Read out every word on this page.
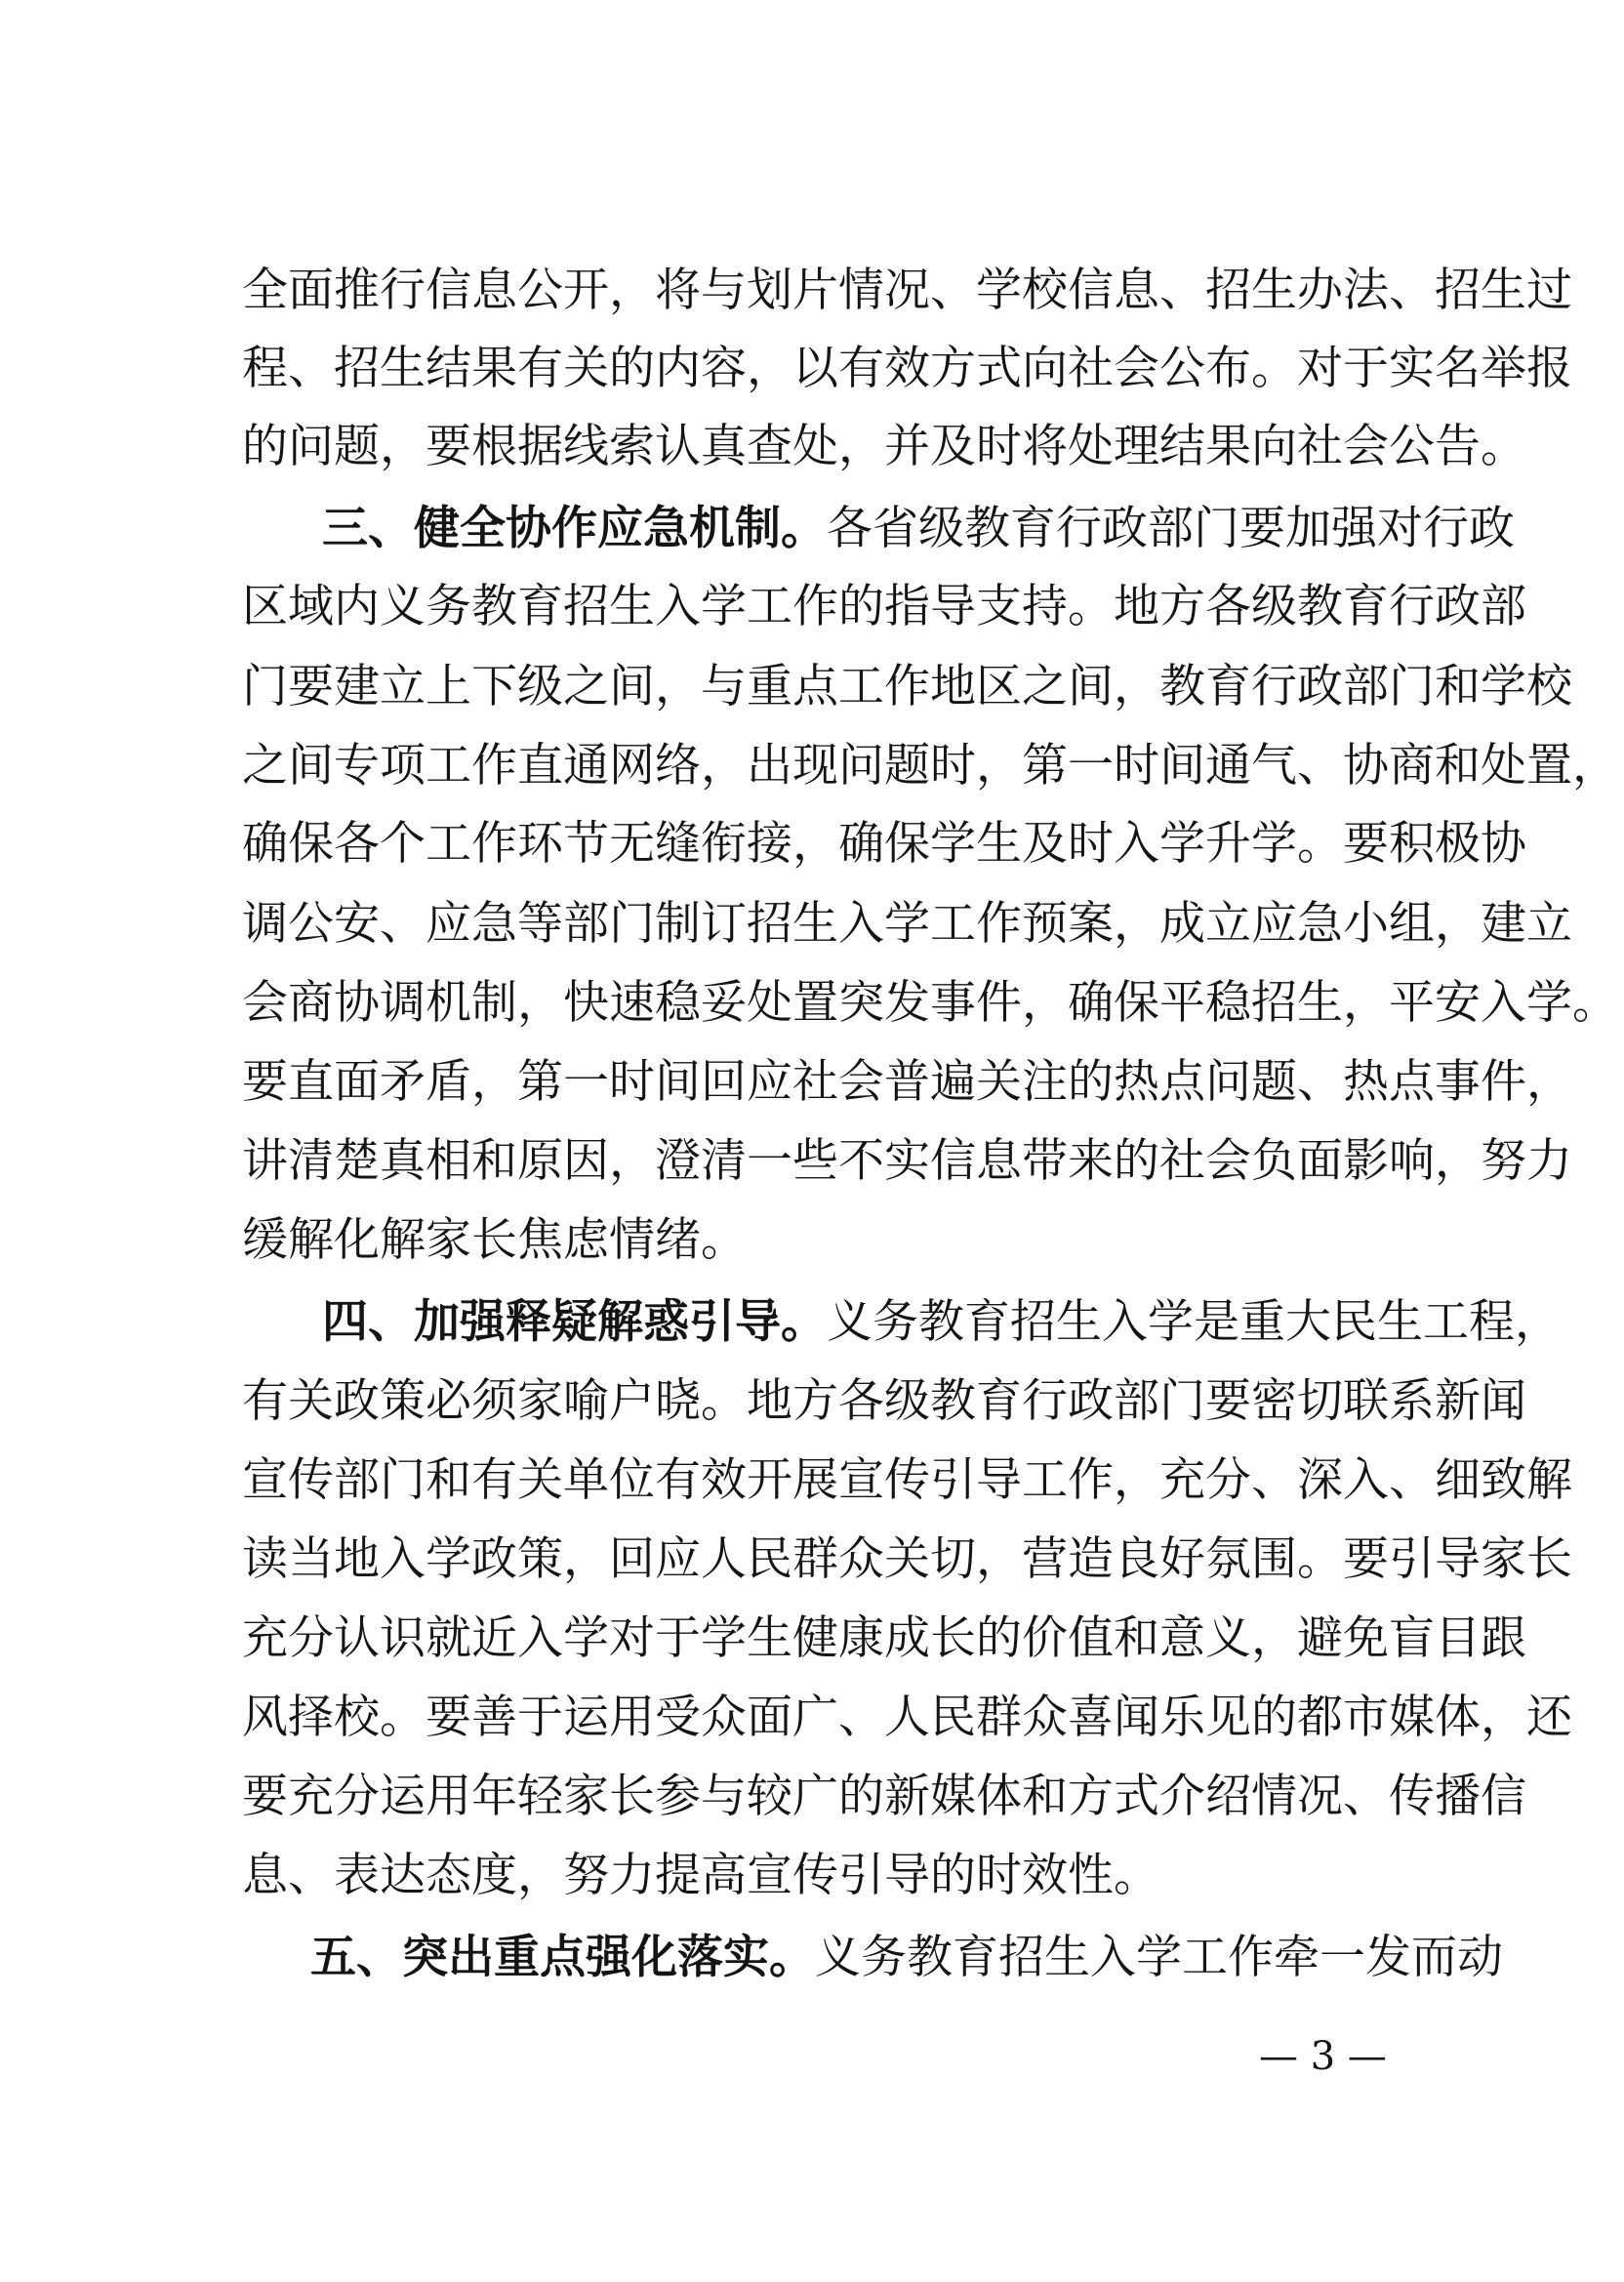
全面推行信息公开，将与划片情况、学校信息、招生办法、招生过
程、招生结果有关的内容，以有效方式向社会公布。对于实名举报
的问题，要根据线索认真查处，并及时将处理结果向社会公告。
三、健全协作应急机制。各省级教育行政部门要加强对行政
区域内义务教育招生入学工作的指导支持。地方各级教育行政部
门要建立上下级之间，与重点工作地区之间，教育行政部门和学校
之间专项工作直通网络，出现问题时，第一时间通气、协商和处置，
确保各个工作环节无缝衔接，确保学生及时入学升学。要积极协
调公安、应急等部门制订招生入学工作预案，成立应急小组，建立
会商协调机制，快速稳妥处置突发事件，确保平稳招生，平安入学。
要直面矛盾，第一时间回应社会普遍关注的热点问题、热点事件，
讲清楚真相和原因，澄清一些不实信息带来的社会负面影响，努力
缓解化解家长焦虑情绪。
四、加强释疑解惑引导。义务教育招生入学是重大民生工程，
有关政策必须家喻户晓。地方各级教育行政部门要密切联系新闻
宣传部门和有关单位有效开展宣传引导工作，充分、深入、细致解
读当地入学政策，回应人民群众关切，营造良好氛围。要引导家长
充分认识就近入学对于学生健康成长的价值和意义，避免盲目跟
风择校。要善于运用受众面广、人民群众喜闻乐见的都市媒体，还
要充分运用年轻家长参与较广的新媒体和方式介绍情况、传播信
息、表达态度，努力提高宣传引导的时效性。
五、突出重点强化落实。义务教育招生入学工作牵一发而动
— 3 —
